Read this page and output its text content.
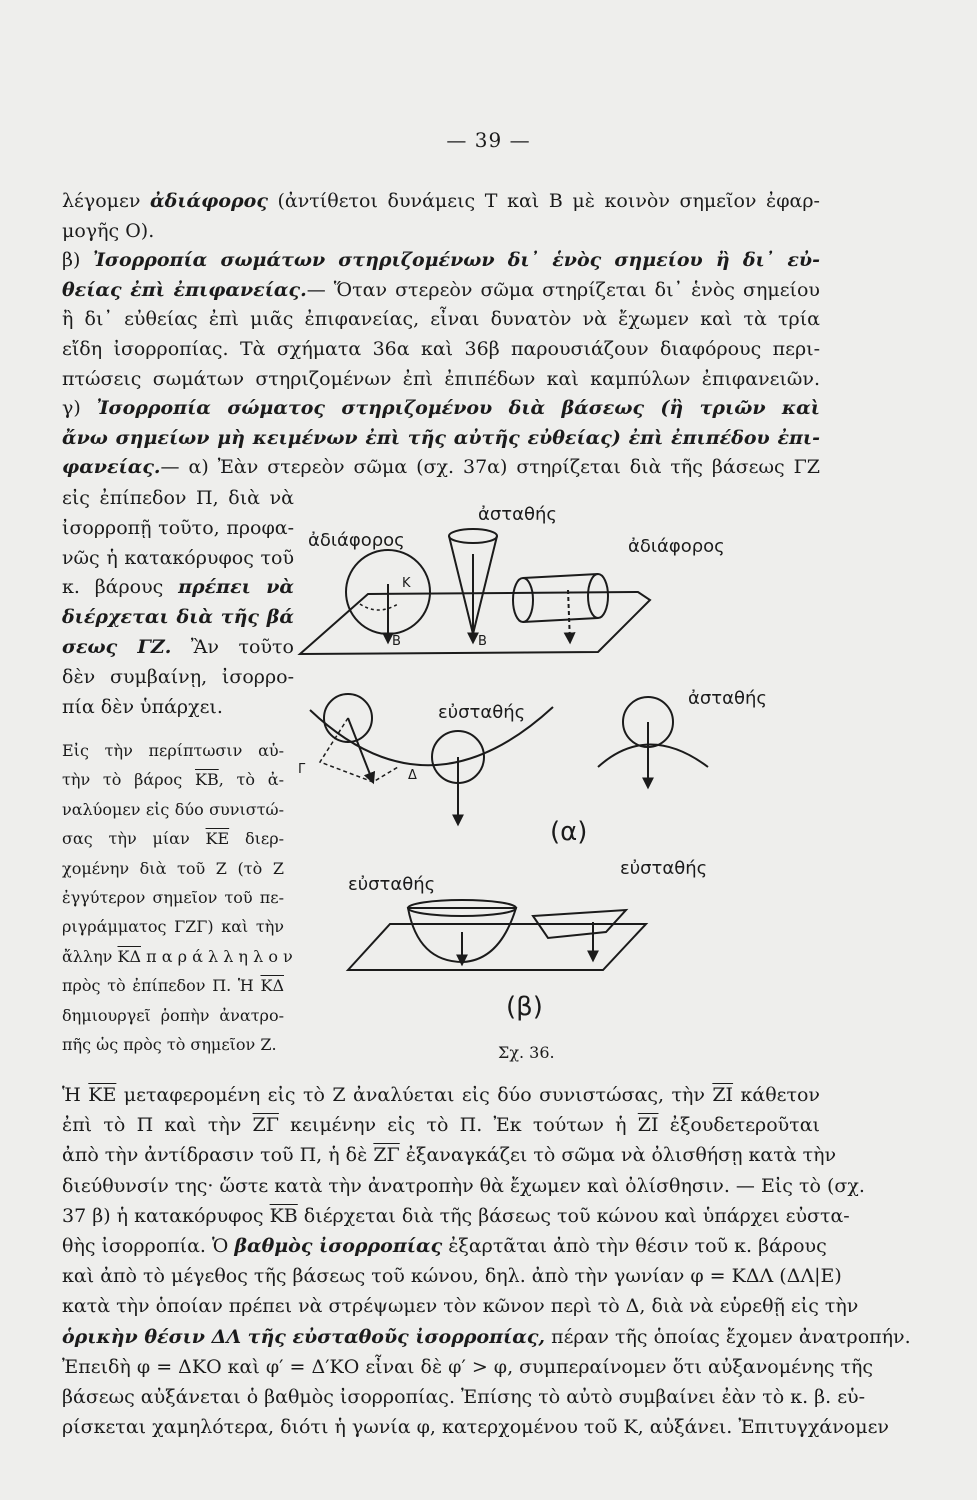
— 39 —
λέγομεν ἀδιάφορος (ἀντίθετοι δυνάμεις Τ καὶ Β μὲ κοινὸν σημεῖον ἐφαρ-
μογῆς Ο).
β) Ἰσορροπία σωμάτων στηριζομένων δι᾽ ἑνὸς σημείου ἢ δι᾽ εὐ-
θείας ἐπὶ ἐπιφανείας.— Ὅταν στερεὸν σῶμα στηρίζεται δι᾽ ἑνὸς σημείου
ἢ δι᾽ εὐθείας ἐπὶ μιᾶς ἐπιφανείας, εἶναι δυνατὸν νὰ ἔχωμεν καὶ τὰ τρία
εἴδη ἰσορροπίας. Τὰ σχήματα 36α καὶ 36β παρουσιάζουν διαφόρους περι-
πτώσεις σωμάτων στηριζομένων ἐπὶ ἐπιπέδων καὶ καμπύλων ἐπιφανειῶν.
γ) Ἰσορροπία σώματος στηριζομένου διὰ βάσεως (ἢ τριῶν καὶ
ἄνω σημείων μὴ κειμένων ἐπὶ τῆς αὐτῆς εὐθείας) ἐπὶ ἐπιπέδου ἐπι-
φανείας.— α) Ἐὰν στερεὸν σῶμα (σχ. 37α) στηρίζεται διὰ τῆς βάσεως ΓΖ
εἰς ἐπίπεδον Π, διὰ νὰ
ἰσορροπῇ τοῦτο, προφα-
νῶς ἡ κατακόρυφος τοῦ
κ. βάρους πρέπει νὰ
διέρχεται διὰ τῆς βά
σεως ΓΖ. Ἂν τοῦτο
δὲν συμβαίνῃ, ἰσορρο-
πία δὲν ὑπάρχει.
Εἰς τὴν περίπτωσιν αὐ-
τὴν τὸ βάρος $\overline{KB}$, τὸ ἀ-
ναλύομεν εἰς δύο συνιστώ-
σας τὴν μίαν $\overline{KE}$ διερ-
χομένην διὰ τοῦ Ζ (τὸ Ζ
ἐγγύτερον σημεῖον τοῦ πε-
ριγράμματος ΓΖΓ) καὶ τὴν
ἄλλην $\overline{K\Delta}$ π α ρ ά λ λ η λ ο ν
πρὸς τὸ ἐπίπεδον Π. Ἡ $\overline{K\Delta}$
δημιουργεῖ ῥοπὴν ἀνατρο-
πῆς ὡς πρὸς τὸ σημεῖον Ζ.
Ἡ $\overline{KE}$ μεταφερομένη εἰς τὸ Ζ ἀναλύεται εἰς δύο συνιστώσας, τὴν $\overline{ZI}$ κάθετον
ἐπὶ τὸ Π καὶ τὴν $\overline{Z\Gamma}$ κειμένην εἰς τὸ Π. Ἐκ τούτων ἡ $\overline{ZI}$ ἐξουδετεροῦται
ἀπὸ τὴν ἀντίδρασιν τοῦ Π, ἡ δὲ $\overline{Z\Gamma}$ ἐξαναγκάζει τὸ σῶμα νὰ ὀλισθήσῃ κατὰ τὴν
διεύθυνσίν της· ὥστε κατὰ τὴν ἀνατροπὴν θὰ ἔχωμεν καὶ ὀλίσθησιν. — Εἰς τὸ (σχ.
37 β) ἡ κατακόρυφος $\overline{KB}$ διέρχεται διὰ τῆς βάσεως τοῦ κώνου καὶ ὑπάρχει εὐστα-
θὴς ἰσορροπία. Ὁ βαθμὸς ἰσορροπίας ἐξαρτᾶται ἀπὸ τὴν θέσιν τοῦ κ. βάρους
καὶ ἀπὸ τὸ μέγεθος τῆς βάσεως τοῦ κώνου, δηλ. ἀπὸ τὴν γωνίαν φ = ΚΔΛ (ΔΛ|Ε)
κατὰ τὴν ὁποίαν πρέπει νὰ στρέψωμεν τὸν κῶνον περὶ τὸ Δ, διὰ νὰ εὑρεθῇ εἰς τὴν
ὁρικὴν θέσιν ΔΛ τῆς εὐσταθοῦς ἰσορροπίας, πέραν τῆς ὁποίας ἔχομεν ἀνατροπήν.
Ἐπειδὴ φ = ΔΚΟ καὶ φ′ = Δ′ΚΟ εἶναι δὲ φ′ > φ, συμπεραίνομεν ὅτι αὐξανομένης τῆς
βάσεως αὐξάνεται ὁ βαθμὸς ἰσορροπίας. Ἐπίσης τὸ αὐτὸ συμβαίνει ἐὰν τὸ κ. β. εὑ-
ρίσκεται χαμηλότερα, διότι ἡ γωνία φ, κατερχομένου τοῦ Κ, αὐξάνει. Ἐπιτυγχάνομεν
ἀσταθής
ἀδιάφορος	ἀδιάφορος
εὐσταθής
ἀσταθής
εὐσταθής
εὐσταθής
(α)
(β)
Κ
Β	Β
Γ	Δ
Σχ. 36.
